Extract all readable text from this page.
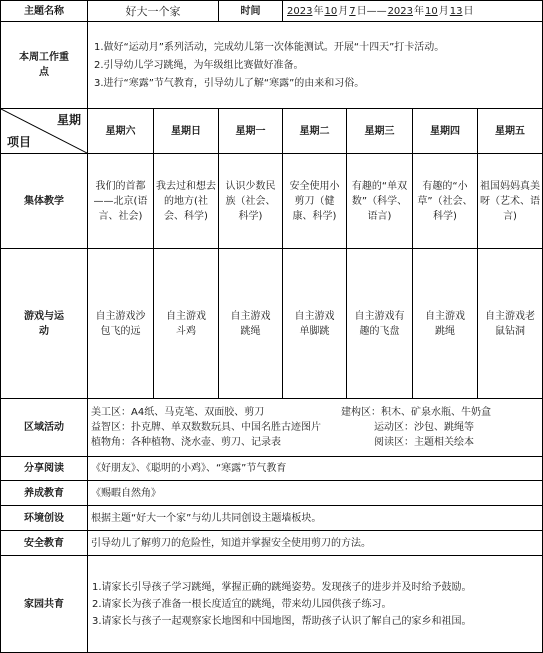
主题名称	好大一个家		时间	2023年10月7日——2023年10月13日			
本周工作重点	1.做好“运动月”系列活动，完成幼儿第一次体能测试。开展“十四天”打卡活动。

2.引导幼儿学习跳绳，为年级组比赛做好准备。

3.进行“寒露”节气教育，引导幼儿了解“寒露”的由来和习俗。						

星期
项目	星期六	星期日	星期一	星期二	星期三	星期四	星期五
集体教学	我们的首都——北京(语言、社会)	我去过和想去的地方(社会、科学)	认识少数民族（社会、科学)	安全使用小剪刀（健康、科学)	有趣的“单双数”（科学、语言)	有趣的“小草”（社会、科学)	祖国妈妈真美呀（艺术、语言)
游戏与运动	自主游戏沙包飞的远	自主游戏斗鸡	自主游戏跳绳	自主游戏单脚跳	自主游戏有趣的飞盘	自主游戏跳绳	自主游戏老鼠钻洞
区域活动	美工区：A4纸、马克笔、双面胶、剪刀 建构区：积木、矿泉水瓶、牛奶盒
益智区：扑克牌、单双数数玩具、中国名胜古迹图片 运动区：沙包、跳绳等
植物角：各种植物、浇水壶、剪刀、记录表 阅读区：主题相关绘本						

分享阅读	《好朋友》、《聪明的小鸡》、“寒露”节气教育						
养成教育	《赐暇自然角》						
环境创设	根据主题“好大一个家”与幼儿共同创设主题墙板块。						
安全教育	引导幼儿了解剪刀的危险性，知道并掌握安全使用剪刀的方法。						
家园共育	1.请家长引导孩子学习跳绳，掌握正确的跳绳姿势。发现孩子的进步并及时给予鼓励。

2.请家长为孩子准备一根长度适宜的跳绳，带来幼儿园供孩子练习。

3.请家长与孩子一起观察家长地图和中国地图，帮助孩子认识了解自己的家乡和祖国。						
